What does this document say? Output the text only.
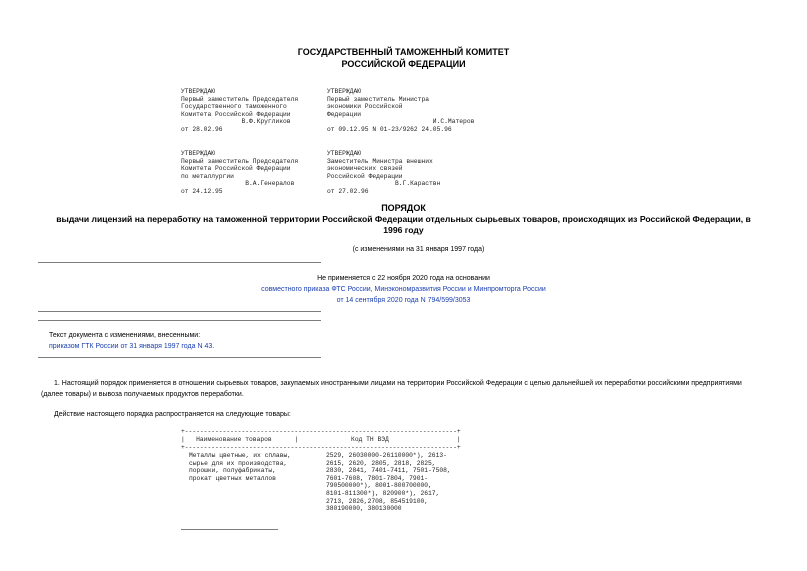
ГОСУДАРСТВЕННЫЙ ТАМОЖЕННЫЙ КОМИТЕТ
РОССИЙСКОЙ ФЕДЕРАЦИИ
УТВЕРЖДАЮ
Первый заместитель Председателя
Государственного таможенного
Комитета Российской Федерации
В.Ф.Кругликов
от 28.02.96
УТВЕРЖДАЮ
Первый заместитель Министра
экономики Российской
Федерации
И.С.Матеров
от 09.12.95 N 01-23/9262 24.05.96
УТВЕРЖДАЮ
Первый заместитель Председателя
Комитета Российской Федерации
по металлургии
В.А.Генералов
от 24.12.95
УТВЕРЖДАЮ
Заместитель Министра внешних
экономических связей
Российской Федерации
В.Г.Караствн
от 27.02.96
ПОРЯДОК
выдачи лицензий на переработку на таможенной территории Российской Федерации отдельных сырьевых товаров, происходящих из Российской Федерации, в
1996 году
(с изменениями на 31 января 1997 года)
Не применяется с 22 ноября 2020 года на основании
совместного приказа ФТС России, Минэкономразвития России и Минпромторга России
от 14 сентября 2020 года N 794/599/3053
Текст документа с изменениями, внесенными:
приказом ГТК России от 31 января 1997 года N 43.
1. Настоящий порядок применяется в отношении сырьевых товаров, закупаемых иностранными лицами на территории Российской Федерации с целью дальнейшей их переработки российскими предприятиями
(далее товары) и вывоза получаемых продуктов переработки.
Действие настоящего порядка распространяется на следующие товары:
+------------------------------------------------------------------------+
|   Наименование товаров      |              Код ТН ВЭД                  |
+------------------------------------------------------------------------+
Металлы цветные, их сплавы,
сырье для их производства,
порошки, полуфабрикаты,
прокат цветных металлов
2529, 26030000-26110000*), 2613-
2615, 2620, 2805, 2818, 2825,
2830, 2841, 7401-7411, 7501-7508,
7601-7608, 7801-7804, 7901-
790500000*), 8001-800700000,
8101-811300*), 820900*), 2617,
2713, 2826,2708, 854519100,
380190000, 380130000
